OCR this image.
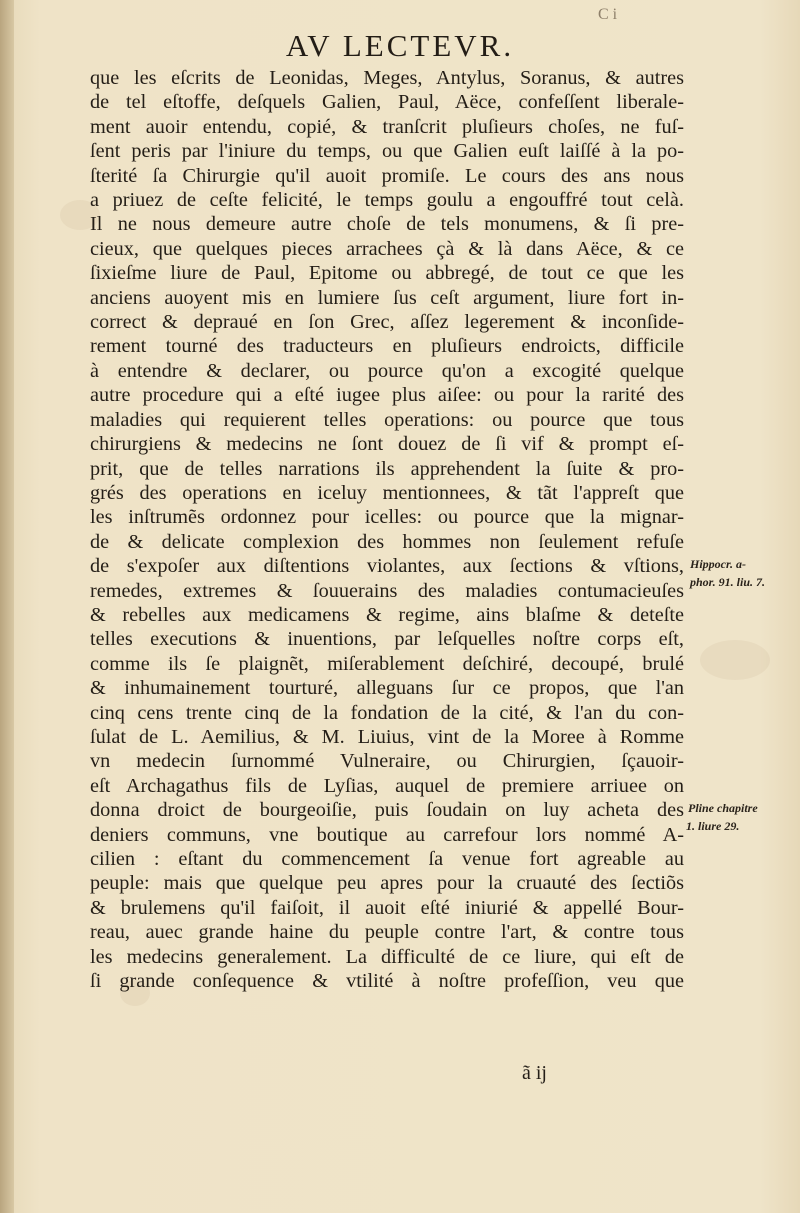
C i
AV LECTEVR.
que les eſcrits de Leonidas, Meges, Antylus, Soranus, & autres
de tel eſtoffe, deſquels Galien, Paul, Aëce, confeſſent liberale-
ment auoir entendu, copié, & tranſcrit pluſieurs choſes, ne fuſ-
ſent peris par l'iniure du temps, ou que Galien euſt laiſſé à la po-
ſterité ſa Chirurgie qu'il auoit promiſe. Le cours des ans nous
a priuez de ceſte felicité, le temps goulu a engouffré tout celà.
Il ne nous demeure autre choſe de tels monumens, & ſi pre-
cieux, que quelques pieces arrachees çà & là dans Aëce, & ce
ſixieſme liure de Paul, Epitome ou abbregé, de tout ce que les
anciens auoyent mis en lumiere ſus ceſt argument, liure fort in-
correct & depraué en ſon Grec, aſſez legerement & inconſide-
rement tourné des traducteurs en pluſieurs endroicts, difficile
à entendre & declarer, ou pource qu'on a excogité quelque
autre procedure qui a eſté iugee plus aiſee: ou pour la rarité des
maladies qui requierent telles operations: ou pource que tous
chirurgiens & medecins ne ſont douez de ſi vif & prompt eſ-
prit, que de telles narrations ils apprehendent la ſuite & pro-
grés des operations en iceluy mentionnees, & tãt l'appreſt que
les inſtrumẽs ordonnez pour icelles: ou pource que la mignar-
de & delicate complexion des hommes non ſeulement refuſe
de s'expoſer aux diſtentions violantes, aux ſections & vſtions,
remedes, extremes & ſouuerains des maladies contumacieuſes
& rebelles aux medicamens & regime, ains blaſme & deteſte
telles executions & inuentions, par leſquelles noſtre corps eſt,
comme ils ſe plaignẽt, miſerablement deſchiré, decoupé, brulé
& inhumainement tourturé, alleguans ſur ce propos, que l'an
cinq cens trente cinq de la fondation de la cité, & l'an du con-
ſulat de L. Aemilius, & M. Liuius, vint de la Moree à Romme
vn medecin ſurnommé Vulneraire, ou Chirurgien, ſçauoir-
eſt Archagathus fils de Lyſias, auquel de premiere arriuee on
donna droict de bourgeoiſie, puis ſoudain on luy acheta des
deniers communs, vne boutique au carrefour lors nommé A-
cilien : eſtant du commencement ſa venue fort agreable au
peuple: mais que quelque peu apres pour la cruauté des ſectiõs
& brulemens qu'il faiſoit, il auoit eſté iniurié & appellé Bour-
reau, auec grande haine du peuple contre l'art, & contre tous
les medecins generalement. La difficulté de ce liure, qui eſt de
ſi grande conſequence & vtilité à noſtre profeſſion, veu que
Hippocr. a-
phor. 91. liu. 7.
Pline chapitre
1. liure 29.
ã ij
